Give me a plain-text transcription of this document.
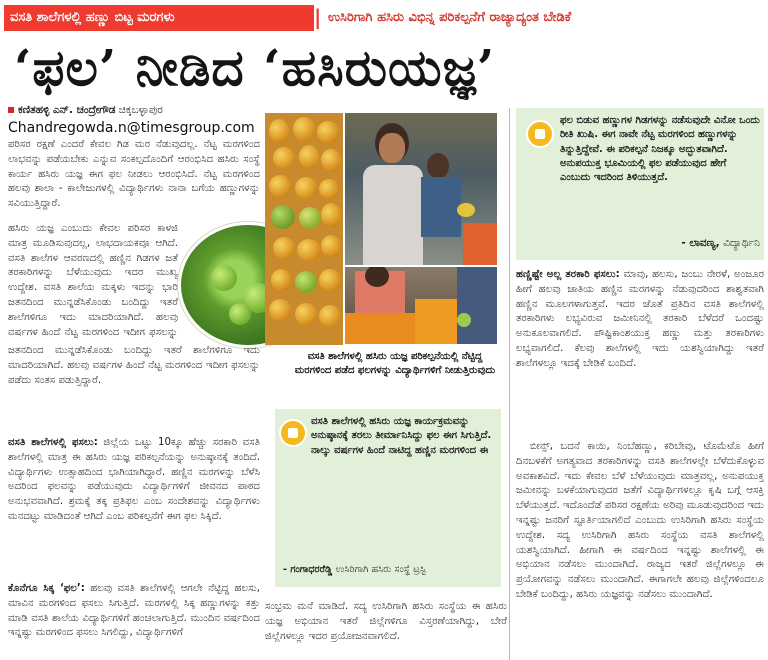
ವಸತಿ ಶಾಲೆಗಳಲ್ಲಿ ಹಣ್ಣು ಬಿಟ್ಟ ಮರಗಳು	| ಉಸಿರಿಗಾಗಿ ಹಸಿರು ವಿಭಿನ್ನ ಪರಿಕಲ್ಪನೆಗೆ ರಾಜ್ಯಾದ್ಯಂತ ಬೇಡಿಕೆ
‘ಫಲ’ ನೀಡಿದ ‘ಹಸಿರುಯಜ್ಞ’
ಕಣಿತಹಳ್ಳಿ ಎನ್‌. ಚಂದ್ರೇಗೌಡ ಚಿಕ್ಕಬಳ್ಳಾಪುರ
Chandregowda.n@timesgroup.com

ಪರಿಸರ ರಕ್ಷಣೆ ಎಂದರೆ ಕೇವಲ ಗಿಡ ಮರ ನೆಡುವುದಲ್ಲ. ನೆಟ್ಟ ಮರಗಳಿಂದ ಲಾಭವನ್ನು ಪಡೆಯಬೇಕು ಎನ್ನುವ ಸಂಕಲ್ಪದೊಂದಿಗೆ ಆರಂಭಿಸಿದ ಹಸಿರು ಸಂಸ್ಥೆ ಕಾರ್ಯ ಹಸಿರು ಯಜ್ಞ ಈಗ ಫಲ ನೀಡಲು ಆರಂಭಿಸಿದೆ. ನೆಟ್ಟ ಮರಗಳಿಂದ ಹಲವು ಶಾಲಾ - ಕಾಲೇಜುಗಳಲ್ಲಿ ವಿದ್ಯಾರ್ಥಿಗಳು ನಾನಾ ಬಗೆಯ ಹಣ್ಣುಗಳನ್ನು ಸವಿಯುತ್ತಿದ್ದಾರೆ.

ಹಸಿರು ಯಜ್ಞ ಎಂಬುದು ಕೇವಲ ಪರಿಸರ ಕಾಳಜಿ ಮಾತ್ರ ಮೂಡಿಸುವುದಲ್ಲ, ಲಾಭದಾಯಕವೂ ಆಗಿದೆ. ವಸತಿ ಶಾಲೆಗಳ ಆವರಣದಲ್ಲಿ ಹಣ್ಣಿನ ಗಿಡಗಳ ಜತೆ ತರಕಾರಿಗಳನ್ನು ಬೆಳೆಯುವುದು ಇದರ ಮುಖ್ಯ ಉದ್ದೇಶ. ವಸತಿ ಶಾಲೆಯ ಮಕ್ಕಳು ಇದನ್ನು ಭಾರಿ ಜತನದಿಂದ ಮುನ್ನಡೆಸಿಕೊಂಡು ಬಂದಿದ್ದು ಇತರೆ ಶಾಲೆಗಳಿಗೂ ಇದು ಮಾದರಿಯಾಗಿದೆ. ಹಲವು ವರ್ಷಗಳ ಹಿಂದೆ ನೆಟ್ಟ ಮರಗಳಿಂದ ಇದೀಗ ಫಸಲನ್ನು

ಜತನದಿಂದ ಮುನ್ನಡೆಸಿಕೊಂಡು ಬಂದಿದ್ದು ಇತರೆ ಶಾಲೆಗಳಿಗೂ ಇದು ಮಾದರಿಯಾಗಿದೆ. ಹಲವು ವರ್ಷಗಳ ಹಿಂದೆ ನೆಟ್ಟ ಮರಗಳಿಂದ ಇದೀಗ ಫಸಲನ್ನು ಪಡೆದು ಸಂತಸ ಪಡುತ್ತಿದ್ದಾರೆ.

ವಸತಿ ಶಾಲೆಗಳಲ್ಲಿ ಫಸಲು: ಜಿಲ್ಲೆಯ ಒಟ್ಟು 10ಕ್ಕೂ ಹೆಚ್ಚು ಸರಕಾರಿ ವಸತಿ ಶಾಲೆಗಳಲ್ಲಿ ಮಾತ್ರ ಈ ಹಸಿರು ಯಜ್ಞ ಪರಿಕಲ್ಪನೆಯನ್ನು ಅನುಷ್ಠಾನಕ್ಕೆ ತಂದಿದೆ. ವಿದ್ಯಾರ್ಥಿಗಳು ಉತ್ಸಾಹದಿಂದ ಭಾಗಿಯಾಗಿದ್ದಾರೆ. ಹಣ್ಣಿನ ಮರಗಳನ್ನು ಬೆಳೆಸಿ ಅದರಿಂದ ಫಲವನ್ನು ಪಡೆಯುವುದು ವಿದ್ಯಾರ್ಥಿಗಳಿಗೆ ಜೀವನದ ಪಾಠದ ಅನುಭವವಾಗಿದೆ. ಶ್ರಮಕ್ಕೆ ತಕ್ಕ ಪ್ರತಿಫಲ ಎಂಬ ಸಂದೇಶವನ್ನು ವಿದ್ಯಾರ್ಥಿಗಳು ಮನದಟ್ಟು ಮಾಡಿದಂತೆ ಆಗಿದೆ ಎಂಬ ಪರಿಕಲ್ಪನೆಗೆ ಈಗ ಫಲ ಸಿಕ್ಕಿದೆ.

ಕೊನೆಗೂ ಸಿಕ್ಕ ‘ಫಲ’: ಹಲವು ವಸತಿ ಶಾಲೆಗಳಲ್ಲಿ ಆಗಲೇ ನೆಟ್ಟಿದ್ದ ಹಲಸು, ಮಾವಿನ ಮರಗಳಿಂದ ಫಸಲು ಸಿಗುತ್ತಿದೆ. ಮರಗಳಲ್ಲಿ ಸಿಕ್ಕ ಹಣ್ಣುಗಳನ್ನು ಕತ್ತು ಮಾಡಿ ವಸತಿ ಶಾಲೆಯ ವಿದ್ಯಾರ್ಥಿಗಳಿಗೆ ಹಂಚಲಾಗುತ್ತಿದೆ. ಮುಂದಿನ ವರ್ಷದಿಂದ ಇನ್ನಷ್ಟು ಮರಗಳಿಂದ ಫಸಲು ಸಿಗಲಿದ್ದು, ವಿದ್ಯಾರ್ಥಿಗಳಿಗೆ

ವಸತಿ ಶಾಲೆಗಳಲ್ಲಿ ಹಸಿರು ಯಜ್ಞ ಪರಿಕಲ್ಪನೆಯಲ್ಲಿ ನೆಟ್ಟಿದ್ದ ಮರಗಳಿಂದ ಪಡೆದ ಫಲಗಳನ್ನು ವಿದ್ಯಾರ್ಥಿಗಳಿಗೆ ನೀಡುತ್ತಿರುವುದು
ವಸತಿ ಶಾಲೆಗಳಲ್ಲಿ ಹಸಿರು ಯಜ್ಞ ಕಾರ್ಯಕ್ರಮವನ್ನು ಅನುಷ್ಠಾನಕ್ಕೆ ತರಲು ತೀರ್ಮಾನಿಸಿದ್ದು ಫಲ ಈಗ ಸಿಗುತ್ತಿದೆ. ನಾಲ್ಕು ವರ್ಷಗಳ ಹಿಂದೆ ನಾಟಿದ್ದ ಹಣ್ಣಿನ ಮರಗಳಿಂದ ಈ
- ಗಂಗಾಧರರೆಡ್ಡಿ ಉಸಿರಿಗಾಗಿ ಹಸಿರು ಸಂಸ್ಥೆ ಟ್ರಸ್ಟಿ
ಸಂಭ್ರಮ ಮನೆ ಮಾಡಿದೆ. ಸದ್ಯ ಉಸಿರಿಗಾಗಿ ಹಸಿರು ಸಂಸ್ಥೆಯ ಈ ಹಸಿರು ಯಜ್ಞ ಅಭಿಯಾನ ಇತರೆ ಜಿಲ್ಲೆಗಳಿಗೂ ವಿಸ್ತರಣೆಯಾಗಿದ್ದು, ಬೇರೆ ಜಿಲ್ಲೆಗಳಲ್ಲೂ ಇದರ ಪ್ರಯೋಜನವಾಗಲಿದೆ.
ಫಲ ಬಿಡುವ ಹಣ್ಣುಗಳ ಗಿಡಗಳನ್ನು ನಡೆಸುವುದೇ ವಿನೋ ಒಂದು ರೀತಿ ಖುಷಿ. ಈಗ ನಾವೇ ನೆಟ್ಟ ಮರಗಳಿಂದ ಹಣ್ಣುಗಳನ್ನು ತಿನ್ನುತ್ತಿದ್ದೇವೆ. ಈ ಪರಿಕಲ್ಪನೆ ನಿಜಕ್ಕೂ ಅದ್ಭುತವಾಗಿದೆ. ಅನುಪಯುಕ್ತ ಭೂಮಿಯಲ್ಲಿ ಫಲ ಪಡೆಯುವುದ ಹೇಗೆ ಎಂಬುದು ಇದರಿಂದ ತಿಳಿಯುತ್ತದೆ.
- ಲಾವಣ್ಯ, ವಿದ್ಯಾರ್ಥಿನಿ

ಹಣ್ಣಿಷ್ಟೇ ಅಲ್ಲ ತರಕಾರಿ ಫಸಲು: ಮಾವು, ಹಲಸು, ಜಂಬು ನೇರಳೆ, ಅಂಜೂರ ಹೀಗೆ ಹಲವು ಜಾತಿಯ ಹಣ್ಣಿನ ಮರಗಳನ್ನು ನೆಡುವುದರಿಂದ ಶಾಶ್ವತವಾಗಿ ಹಣ್ಣಿನ ಮೂಲಗಳಾಗುತ್ತವೆ. ಇದರ ಜೊತೆ ಪ್ರತಿದಿನ ವಸತಿ ಶಾಲೆಗಳಲ್ಲಿ ತರಕಾರಿಗಳು ಲಭ್ಯವಿರುವ ಜಮೀನಿನಲ್ಲಿ ತರಕಾರಿ ಬೆಳೆದರೆ ಒಂದಷ್ಟು ಅನುಕೂಲವಾಗಲಿದೆ. ಪೌಷ್ಟಿಕಾಂಶಯುಕ್ತ ಹಣ್ಣು ಮತ್ತು ತರಕಾರಿಗಳು ಲಭ್ಯವಾಗಲಿದೆ. ಕೆಲವು ಶಾಲೆಗಳಲ್ಲಿ ಇದು ಯಶಸ್ವಿಯಾಗಿದ್ದು ಇತರೆ ಶಾಲೆಗಳಲ್ಲೂ ಇದಕ್ಕೆ ಬೇಡಿಕೆ ಬಂದಿದೆ.

ಬೀನ್ಸ್‌, ಬದನೆ ಕಾಯಿ, ನಿಂಬೆಹಣ್ಣು, ಕರಿಬೇವು, ಟೊಮೆಟೊ ಹೀಗೆ ದಿನಬಳಕೆಗೆ ಅಗತ್ಯವಾದ ತರಕಾರಿಗಳನ್ನು ವಸತಿ ಶಾಲೆಗಳಲ್ಲೇ ಬೆಳೆದುಕೊಳ್ಳುವ ಅವಕಾಶವಿದೆ. ಇದು ಕೇವಲ ಬೆಳೆ ಬೆಳೆಯುವುದು ಮಾತ್ರವಲ್ಲ, ಅನುಪಯುಕ್ತ ಜಮೀನನ್ನು ಬಳಕೆಯಾಗುವುದರ ಜತೆಗೆ ವಿದ್ಯಾರ್ಥಿಗಳಲ್ಲೂ ಕೃಷಿ ಬಗ್ಗೆ ಆಸಕ್ತಿ ಬೆಳೆಯುತ್ತದೆ. ಇದೊಂದೆಡೆ ಪರಿಸರ ರಕ್ಷಣೆಯ ಅರಿವು ಮೂಡುವುದರಿಂದ ಇದು ಇನ್ನಷ್ಟು ಜನರಿಗೆ ಸ್ಫೂರ್ತಿಯಾಗಲಿದೆ ಎಂಬುದು ಉಸಿರಿಗಾಗಿ ಹಸಿರು ಸಂಸ್ಥೆಯ ಉದ್ದೇಶ. ಸದ್ಯ ಉಸಿರಿಗಾಗಿ ಹಸಿರು ಸಂಸ್ಥೆಯ ವಸತಿ ಶಾಲೆಗಳಲ್ಲಿ ಯಶಸ್ವಿಯಾಗಿದೆ. ಹೀಗಾಗಿ ಈ ವರ್ಷದಿಂದ ಇನ್ನಷ್ಟು ಶಾಲೆಗಳಲ್ಲಿ ಈ ಅಭಿಯಾನ ನಡೆಸಲು ಮುಂದಾಗಿದೆ. ರಾಜ್ಯದ ಇತರೆ ಜಿಲ್ಲೆಗಳಲ್ಲೂ ಈ ಪ್ರಯೋಗವನ್ನು ನಡೆಸಲು ಮುಂದಾಗಿದೆ. ಈಗಾಗಲೇ ಹಲವು ಜಿಲ್ಲೆಗಳಿಂದಲೂ ಬೇಡಿಕೆ ಬಂದಿದ್ದು, ಹಸಿರು ಯಜ್ಞವನ್ನು ನಡೆಸಲು ಮುಂದಾಗಿದೆ.
